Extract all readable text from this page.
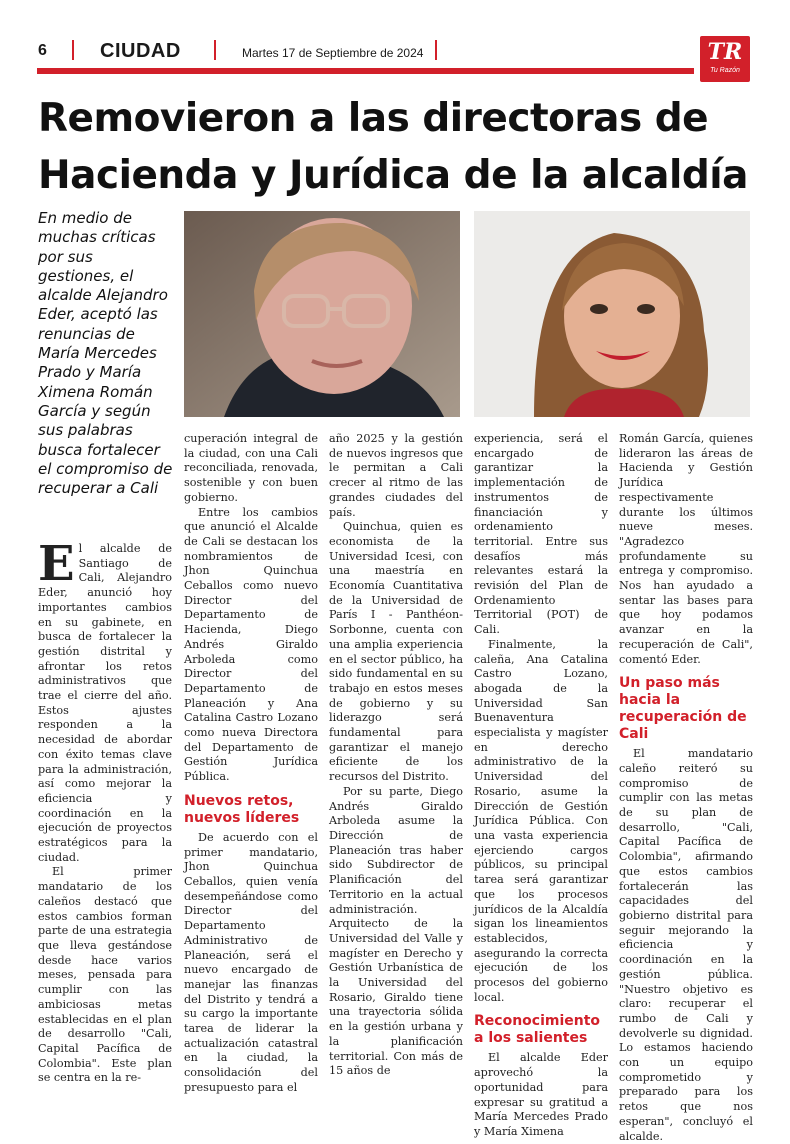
6	CIUDAD	Martes 17 de Septiembre de 2024	TR
Tu Razón
Removieron a las directoras de Hacienda y Jurídica de la alcaldía
En medio de muchas críticas por sus gestiones, el alcalde Alejandro Eder, aceptó las renuncias de María Mercedes Prado y María Ximena Román García y según sus palabras busca fortalecer el compromiso de recuperar a Cali

El alcalde de Santiago de Cali, Alejandro Eder, anunció hoy importantes cambios en su gabinete, en busca de fortalecer la gestión distrital y afrontar los retos administrativos que trae el cierre del año. Estos ajustes responden a la necesidad de abordar con éxito temas clave para la administración, así como mejorar la eficiencia y coordinación en la ejecución de proyectos estratégicos para la ciudad.

El primer mandatario de los caleños destacó que estos cambios forman parte de una estrategia que lleva gestándose desde hace varios meses, pensada para cumplir con las ambiciosas metas establecidas en el plan de desarrollo "Cali, Capital Pacífica de Colombia". Este plan se centra en la re-

cuperación integral de la ciudad, con una Cali reconciliada, renovada, sostenible y con buen gobierno.

Entre los cambios que anunció el Alcalde de Cali se destacan los nombramientos de Jhon Quinchua Ceballos como nuevo Director del Departamento de Hacienda, Diego Andrés Giraldo Arboleda como Director del Departamento de Planeación y Ana Catalina Castro Lozano como nueva Directora del Departamento de Gestión Jurídica Pública.

Nuevos retos, nuevos líderes

De acuerdo con el primer mandatario, Jhon Quinchua Ceballos, quien venía desempeñándose como Director del Departamento Administrativo de Planeación, será el nuevo encargado de manejar las finanzas del Distrito y tendrá a su cargo la importante tarea de liderar la actualización catastral en la ciudad, la consolidación del presupuesto para el

año 2025 y la gestión de nuevos ingresos que le permitan a Cali crecer al ritmo de las grandes ciudades del país.

Quinchua, quien es economista de la Universidad Icesi, con una maestría en Economía Cuantitativa de la Universidad de París I - Panthéon-Sorbonne, cuenta con una amplia experiencia en el sector público, ha sido fundamental en su trabajo en estos meses de gobierno y su liderazgo será fundamental para garantizar el manejo eficiente de los recursos del Distrito.

Por su parte, Diego Andrés Giraldo Arboleda asume la Dirección de Planeación tras haber sido Subdirector de Planificación del Territorio en la actual administración. Arquitecto de la Universidad del Valle y magíster en Derecho y Gestión Urbanística de la Universidad del Rosario, Giraldo tiene una trayectoria sólida en la gestión urbana y la planificación territorial. Con más de 15 años de

experiencia, será el encargado de garantizar la implementación de instrumentos de financiación y ordenamiento territorial. Entre sus desafíos más relevantes estará la revisión del Plan de Ordenamiento Territorial (POT) de Cali.

Finalmente, la caleña, Ana Catalina Castro Lozano, abogada de la Universidad San Buenaventura especialista y magíster en derecho administrativo de la Universidad del Rosario, asume la Dirección de Gestión Jurídica Pública. Con una vasta experiencia ejerciendo cargos públicos, su principal tarea será garantizar que los procesos jurídicos de la Alcaldía sigan los lineamientos establecidos, asegurando la correcta ejecución de los procesos del gobierno local.

Reconocimiento a los salientes

El alcalde Eder aprovechó la oportunidad para expresar su gratitud a María Mercedes Prado y María Ximena

Román García, quienes lideraron las áreas de Hacienda y Gestión Jurídica respectivamente durante los últimos nueve meses. "Agradezco profundamente su entrega y compromiso. Nos han ayudado a sentar las bases para que hoy podamos avanzar en la recuperación de Cali", comentó Eder.

Un paso más hacia la recuperación de Cali

El mandatario caleño reiteró su compromiso de cumplir con las metas de su plan de desarrollo, "Cali, Capital Pacífica de Colombia", afirmando que estos cambios fortalecerán las capacidades del gobierno distrital para seguir mejorando la eficiencia y coordinación en la gestión pública. "Nuestro objetivo es claro: recuperar el rumbo de Cali y devolverle su dignidad. Lo estamos haciendo con un equipo comprometido y preparado para los retos que nos esperan", concluyó el alcalde.
